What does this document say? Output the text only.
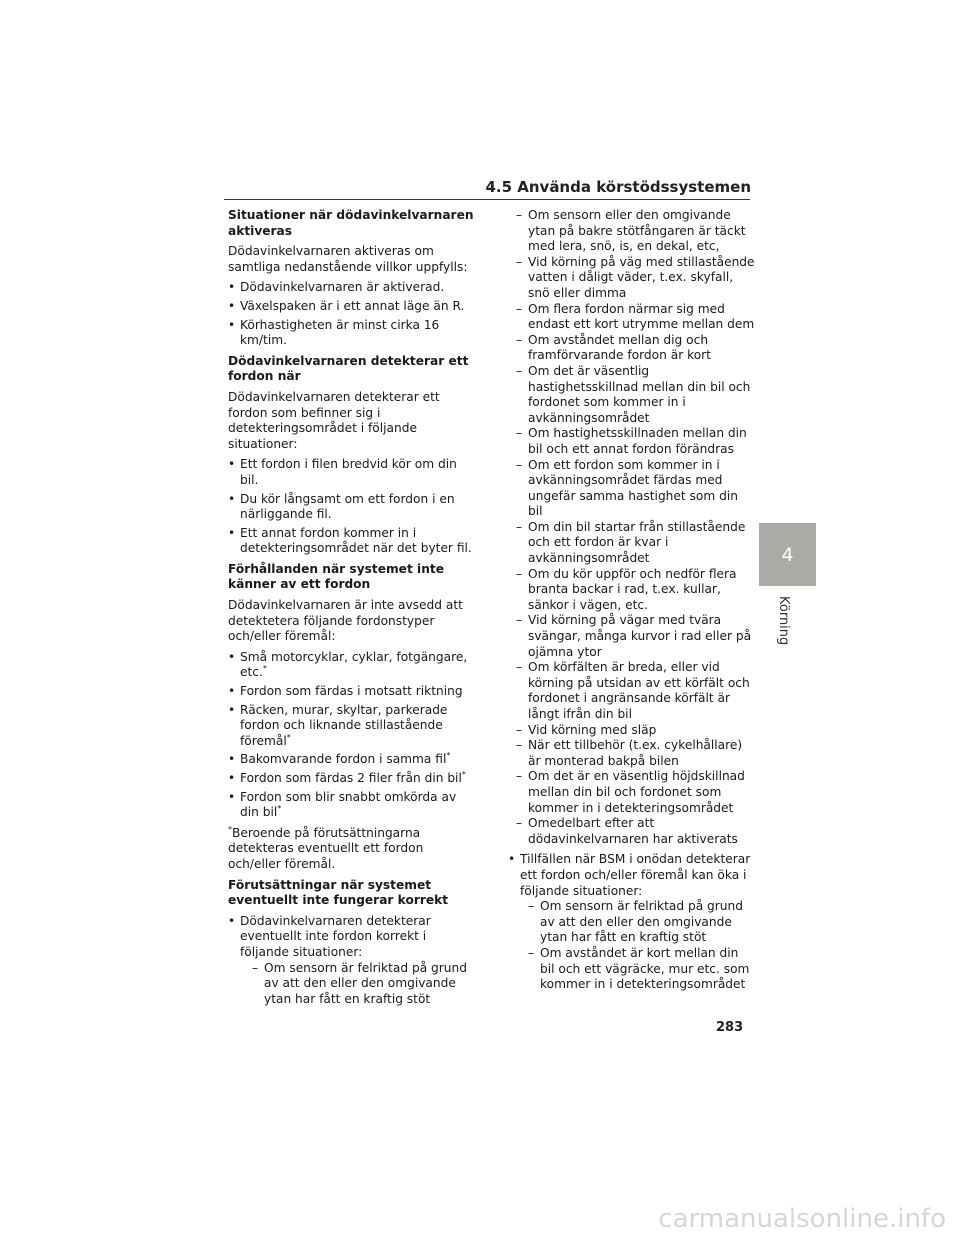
4.5 Använda körstödssystemen
Situationer när dödavinkelvarnaren aktiveras
Dödavinkelvarnaren aktiveras om samtliga nedanstående villkor uppfylls:
• Dödavinkelvarnaren är aktiverad.
• Växelspaken är i ett annat läge än R.
• Körhastigheten är minst cirka 16 km/tim.
Dödavinkelvarnaren detekterar ett fordon när
Dödavinkelvarnaren detekterar ett fordon som befinner sig i detekteringsområdet i följande situationer:
• Ett fordon i filen bredvid kör om din bil.
• Du kör långsamt om ett fordon i en närliggande fil.
• Ett annat fordon kommer in i detekteringsområdet när det byter fil.
Förhållanden när systemet inte känner av ett fordon
Dödavinkelvarnaren är inte avsedd att detektetera följande fordonstyper och/eller föremål:
• Små motorcyklar, cyklar, fotgängare, etc.*
• Fordon som färdas i motsatt riktning
• Räcken, murar, skyltar, parkerade fordon och liknande stillastående föremål*
• Bakomvarande fordon i samma fil*
• Fordon som färdas 2 filer från din bil*
• Fordon som blir snabbt omkörda av din bil*
*Beroende på förutsättningarna detekteras eventuellt ett fordon och/eller föremål.
Förutsättningar när systemet eventuellt inte fungerar korrekt
• Dödavinkelvarnaren detekterar eventuellt inte fordon korrekt i följande situationer:
– Om sensorn är felriktad på grund av att den eller den omgivande ytan har fått en kraftig stöt
– Om sensorn eller den omgivande ytan på bakre stötfångaren är täckt med lera, snö, is, en dekal, etc,
– Vid körning på väg med stillastående vatten i dåligt väder, t.ex. skyfall, snö eller dimma
– Om flera fordon närmar sig med endast ett kort utrymme mellan dem
– Om avståndet mellan dig och framförvarande fordon är kort
– Om det är väsentlig hastighetsskillnad mellan din bil och fordonet som kommer in i avkänningsområdet
– Om hastighetsskillnaden mellan din bil och ett annat fordon förändras
– Om ett fordon som kommer in i avkänningsområdet färdas med ungefär samma hastighet som din bil
– Om din bil startar från stillastående och ett fordon är kvar i avkänningsområdet
– Om du kör uppför och nedför flera branta backar i rad, t.ex. kullar, sänkor i vägen, etc.
– Vid körning på vägar med tvära svängar, många kurvor i rad eller på ojämna ytor
– Om körfälten är breda, eller vid körning på utsidan av ett körfält och fordonet i angränsande körfält är långt ifrån din bil
– Vid körning med släp
– När ett tillbehör (t.ex. cykelhållare) är monterad bakpå bilen
– Om det är en väsentlig höjdskillnad mellan din bil och fordonet som kommer in i detekteringsområdet
– Omedelbart efter att dödavinkelvarnaren har aktiverats
• Tillfällen när BSM i onödan detekterar ett fordon och/eller föremål kan öka i följande situationer:
– Om sensorn är felriktad på grund av att den eller den omgivande ytan har fått en kraftig stöt
– Om avståndet är kort mellan din bil och ett vägräcke, mur etc. som kommer in i detekteringsområdet
283
4
Körning
carmanualsonline.info
